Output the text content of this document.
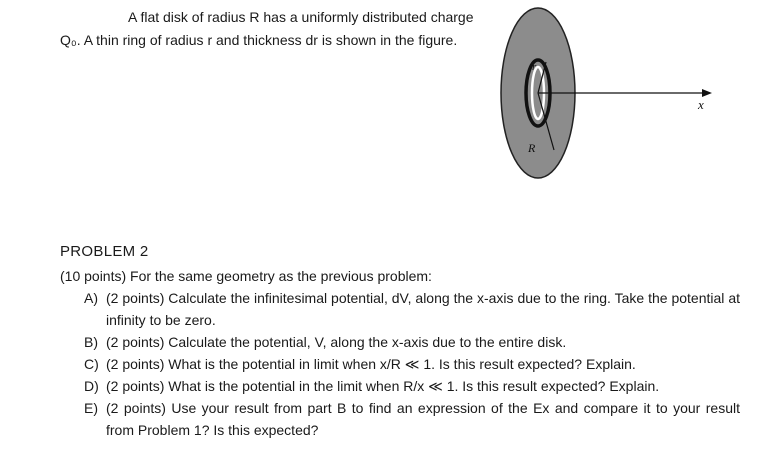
A flat disk of radius R has a uniformly distributed charge
Q₀. A thin ring of radius r and thickness dr is shown in the figure.
r
R
x
PROBLEM 2
(10 points) For the same geometry as the previous problem:
A) (2 points) Calculate the infinitesimal potential, dV, along the x-axis due to the ring. Take the potential at infinity to be zero.
B) (2 points) Calculate the potential, V, along the x-axis due to the entire disk.
C) (2 points) What is the potential in limit when x/R ≪ 1. Is this result expected? Explain.
D) (2 points) What is the potential in the limit when R/x ≪ 1. Is this result expected? Explain.
E) (2 points) Use your result from part B to find an expression of the Ex and compare it to your result from Problem 1? Is this expected?
